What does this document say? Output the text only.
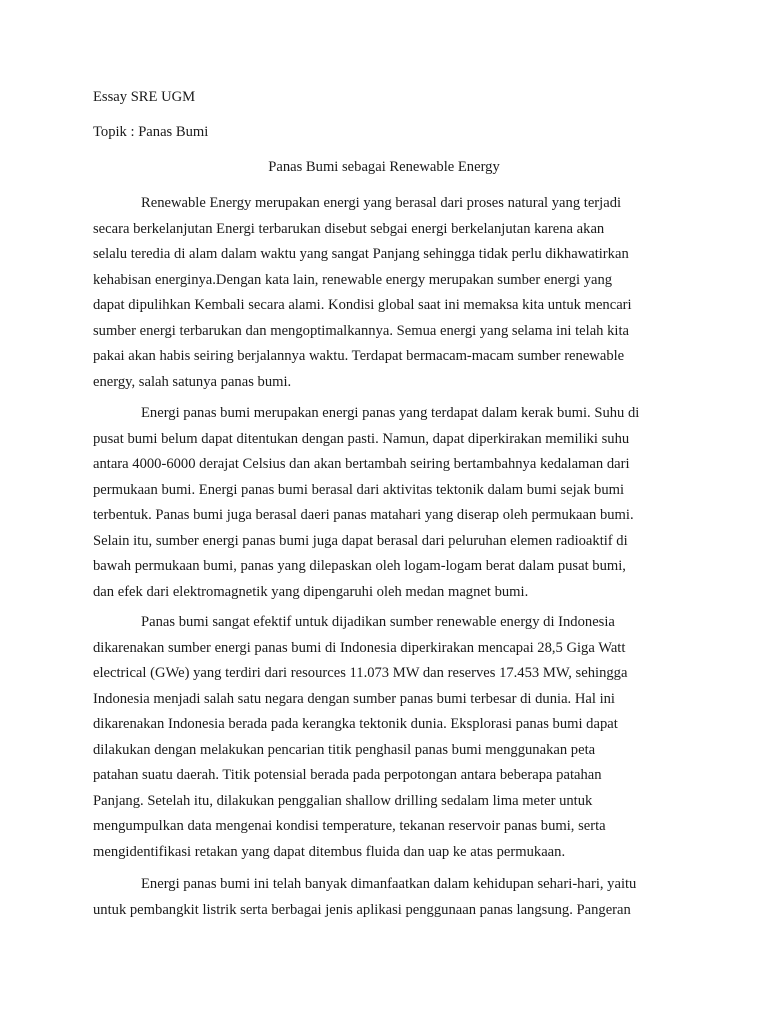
Essay SRE UGM
Topik : Panas Bumi
Panas Bumi sebagai Renewable Energy
Renewable Energy merupakan energi yang berasal dari proses natural yang terjadi
secara berkelanjutan Energi terbarukan disebut sebgai energi berkelanjutan karena akan
selalu teredia di alam dalam waktu yang sangat Panjang sehingga tidak perlu dikhawatirkan
kehabisan energinya.Dengan kata lain, renewable energy merupakan sumber energi yang
dapat dipulihkan Kembali secara alami. Kondisi global saat ini memaksa kita untuk mencari
sumber energi terbarukan dan mengoptimalkannya. Semua energi yang selama ini telah kita
pakai akan habis seiring berjalannya waktu. Terdapat bermacam-macam sumber renewable
energy, salah satunya panas bumi.
Energi panas bumi merupakan energi panas yang terdapat dalam kerak bumi. Suhu di
pusat bumi belum dapat ditentukan dengan pasti. Namun, dapat diperkirakan memiliki suhu
antara 4000-6000 derajat Celsius dan akan bertambah seiring bertambahnya kedalaman dari
permukaan bumi. Energi panas bumi berasal dari aktivitas tektonik dalam bumi sejak bumi
terbentuk. Panas bumi juga berasal daeri panas matahari yang diserap oleh permukaan bumi.
Selain itu, sumber energi panas bumi juga dapat berasal dari peluruhan elemen radioaktif di
bawah permukaan bumi, panas yang dilepaskan oleh logam-logam berat dalam pusat bumi,
dan efek dari elektromagnetik yang dipengaruhi oleh medan magnet bumi.
Panas bumi sangat efektif untuk dijadikan sumber renewable energy di Indonesia
dikarenakan sumber energi panas bumi di Indonesia diperkirakan mencapai 28,5 Giga Watt
electrical (GWe) yang terdiri dari resources 11.073 MW dan reserves 17.453 MW, sehingga
Indonesia menjadi salah satu negara dengan sumber panas bumi terbesar di dunia. Hal ini
dikarenakan Indonesia berada pada kerangka tektonik dunia. Eksplorasi panas bumi dapat
dilakukan dengan melakukan pencarian titik penghasil panas bumi menggunakan peta
patahan suatu daerah. Titik potensial berada pada perpotongan antara beberapa patahan
Panjang. Setelah itu, dilakukan penggalian shallow drilling sedalam lima meter untuk
mengumpulkan data mengenai kondisi temperature, tekanan reservoir panas bumi, serta
mengidentifikasi retakan yang dapat ditembus fluida dan uap ke atas permukaan.
Energi panas bumi ini telah banyak dimanfaatkan dalam kehidupan sehari-hari, yaitu
untuk pembangkit listrik serta berbagai jenis aplikasi penggunaan panas langsung. Pangeran
